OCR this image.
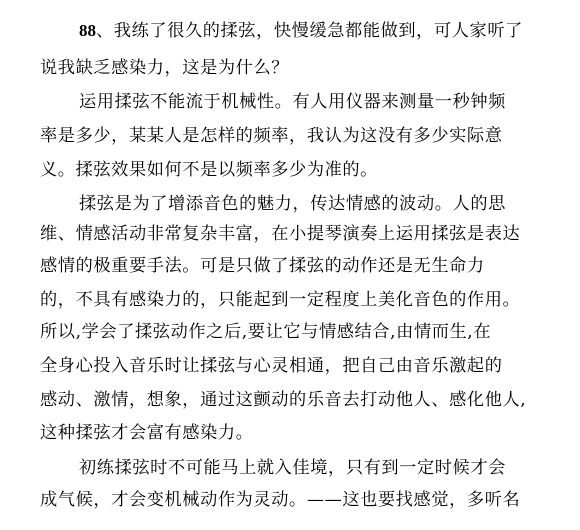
88、我练了很久的揉弦，快慢缓急都能做到，可人家听了
说我缺乏感染力，这是为什么？
运用揉弦不能流于机械性。有人用仪器来测量一秒钟频
率是多少，某某人是怎样的频率，我认为这没有多少实际意
义。揉弦效果如何不是以频率多少为准的。
揉弦是为了增添音色的魅力，传达情感的波动。人的思
维、情感活动非常复杂丰富，在小提琴演奏上运用揉弦是表达
感情的极重要手法。可是只做了揉弦的动作还是无生命力
的，不具有感染力的，只能起到一定程度上美化音色的作用。
所以,学会了揉弦动作之后,要让它与情感结合,由情而生,在
全身心投入音乐时让揉弦与心灵相通，把自己由音乐激起的
感动、激情，想象，通过这颤动的乐音去打动他人、感化他人,
这种揉弦才会富有感染力。
初练揉弦时不可能马上就入佳境，只有到一定时候才会
成气候，才会变机械动作为灵动。——这也要找感觉，多听名
